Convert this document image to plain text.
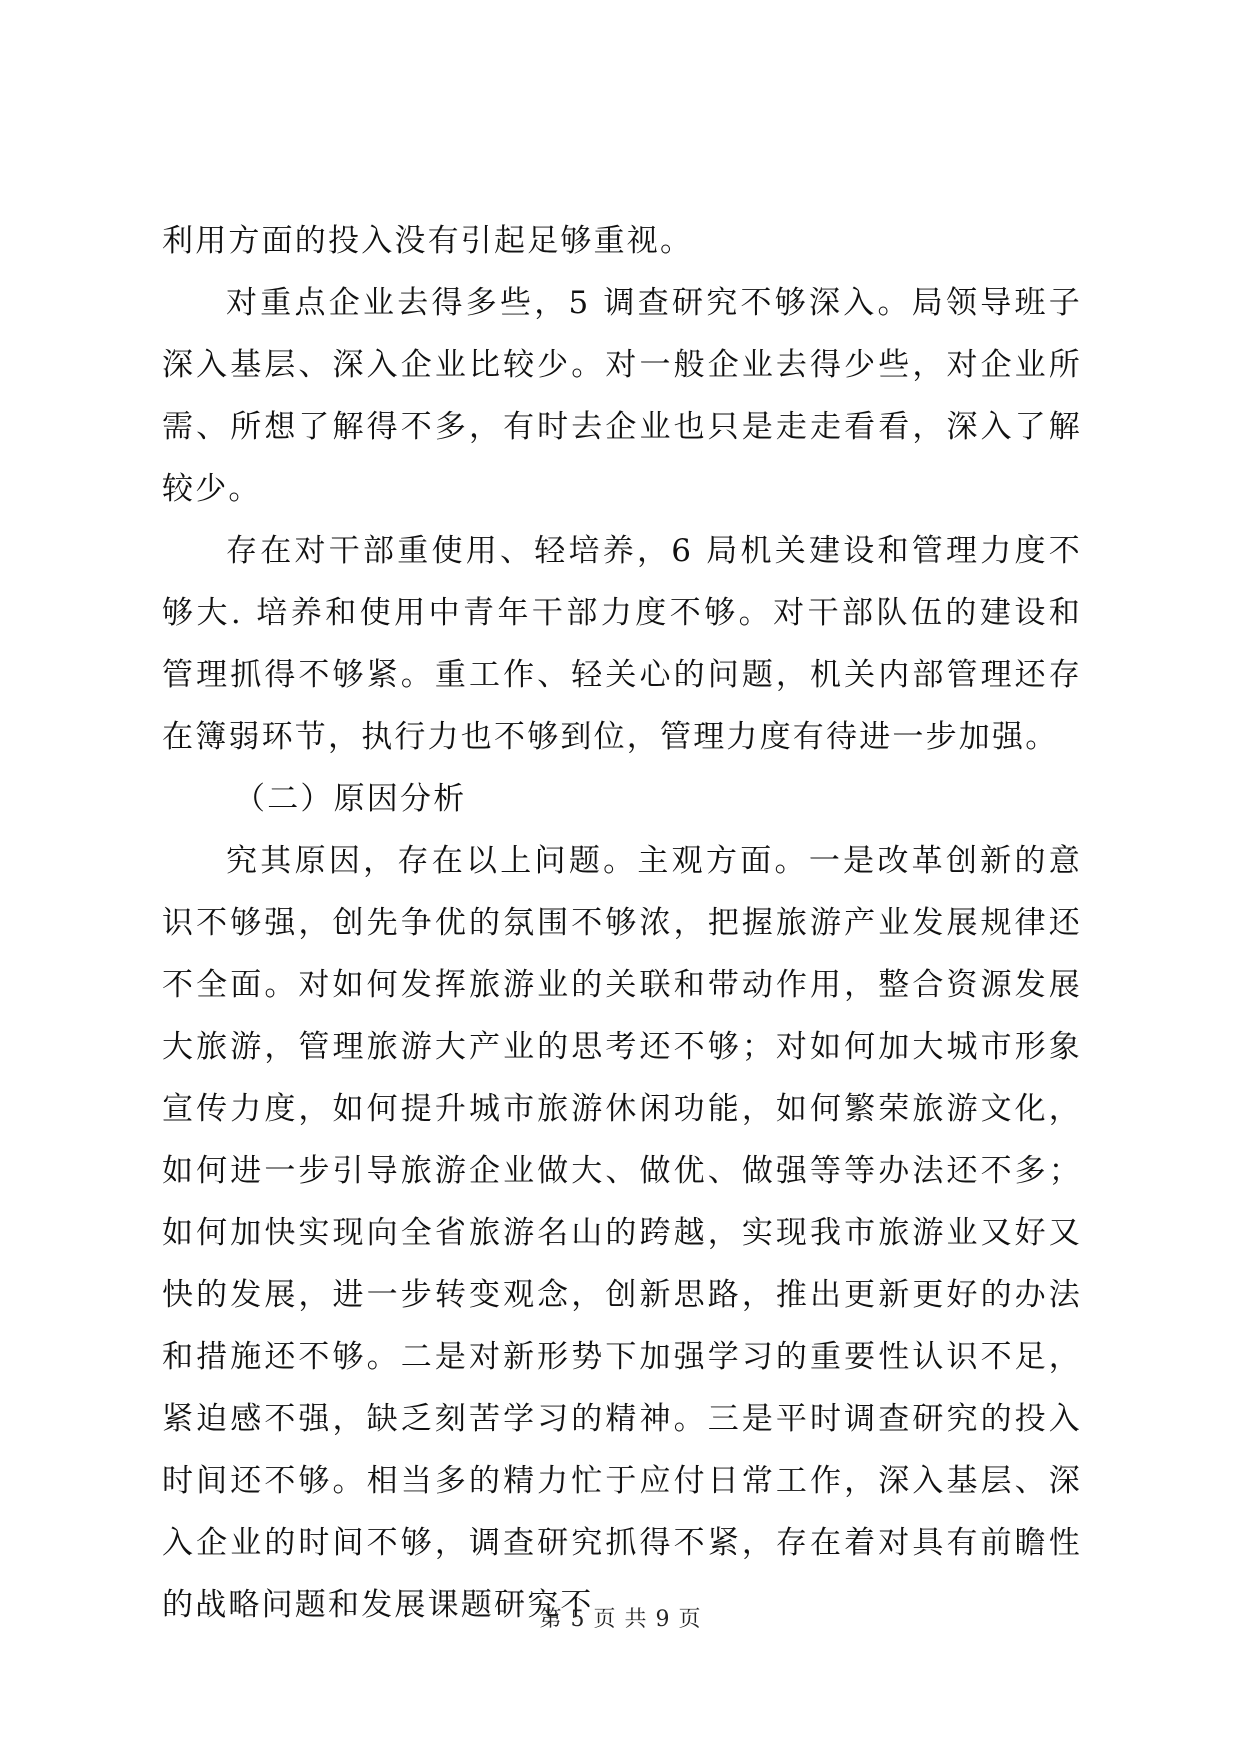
利用方面的投入没有引起足够重视。

对重点企业去得多些，5 调查研究不够深入。局领导班子深入基层、深入企业比较少。对一般企业去得少些，对企业所需、所想了解得不多，有时去企业也只是走走看看，深入了解较少。

存在对干部重使用、轻培养，6 局机关建设和管理力度不够大. 培养和使用中青年干部力度不够。对干部队伍的建设和管理抓得不够紧。重工作、轻关心的问题，机关内部管理还存在簿弱环节，执行力也不够到位，管理力度有待进一步加强。

（二）原因分析

究其原因，存在以上问题。主观方面。一是改革创新的意识不够强，创先争优的氛围不够浓，把握旅游产业发展规律还不全面。对如何发挥旅游业的关联和带动作用，整合资源发展大旅游，管理旅游大产业的思考还不够；对如何加大城市形象宣传力度，如何提升城市旅游休闲功能，如何繁荣旅游文化，如何进一步引导旅游企业做大、做优、做强等等办法还不多；如何加快实现向全省旅游名山的跨越，实现我市旅游业又好又快的发展，进一步转变观念，创新思路，推出更新更好的办法和措施还不够。二是对新形势下加强学习的重要性认识不足，紧迫感不强，缺乏刻苦学习的精神。三是平时调查研究的投入时间还不够。相当多的精力忙于应付日常工作，深入基层、深入企业的时间不够，调查研究抓得不紧，存在着对具有前瞻性的战略问题和发展课题研究不

第 5 页 共 9 页
